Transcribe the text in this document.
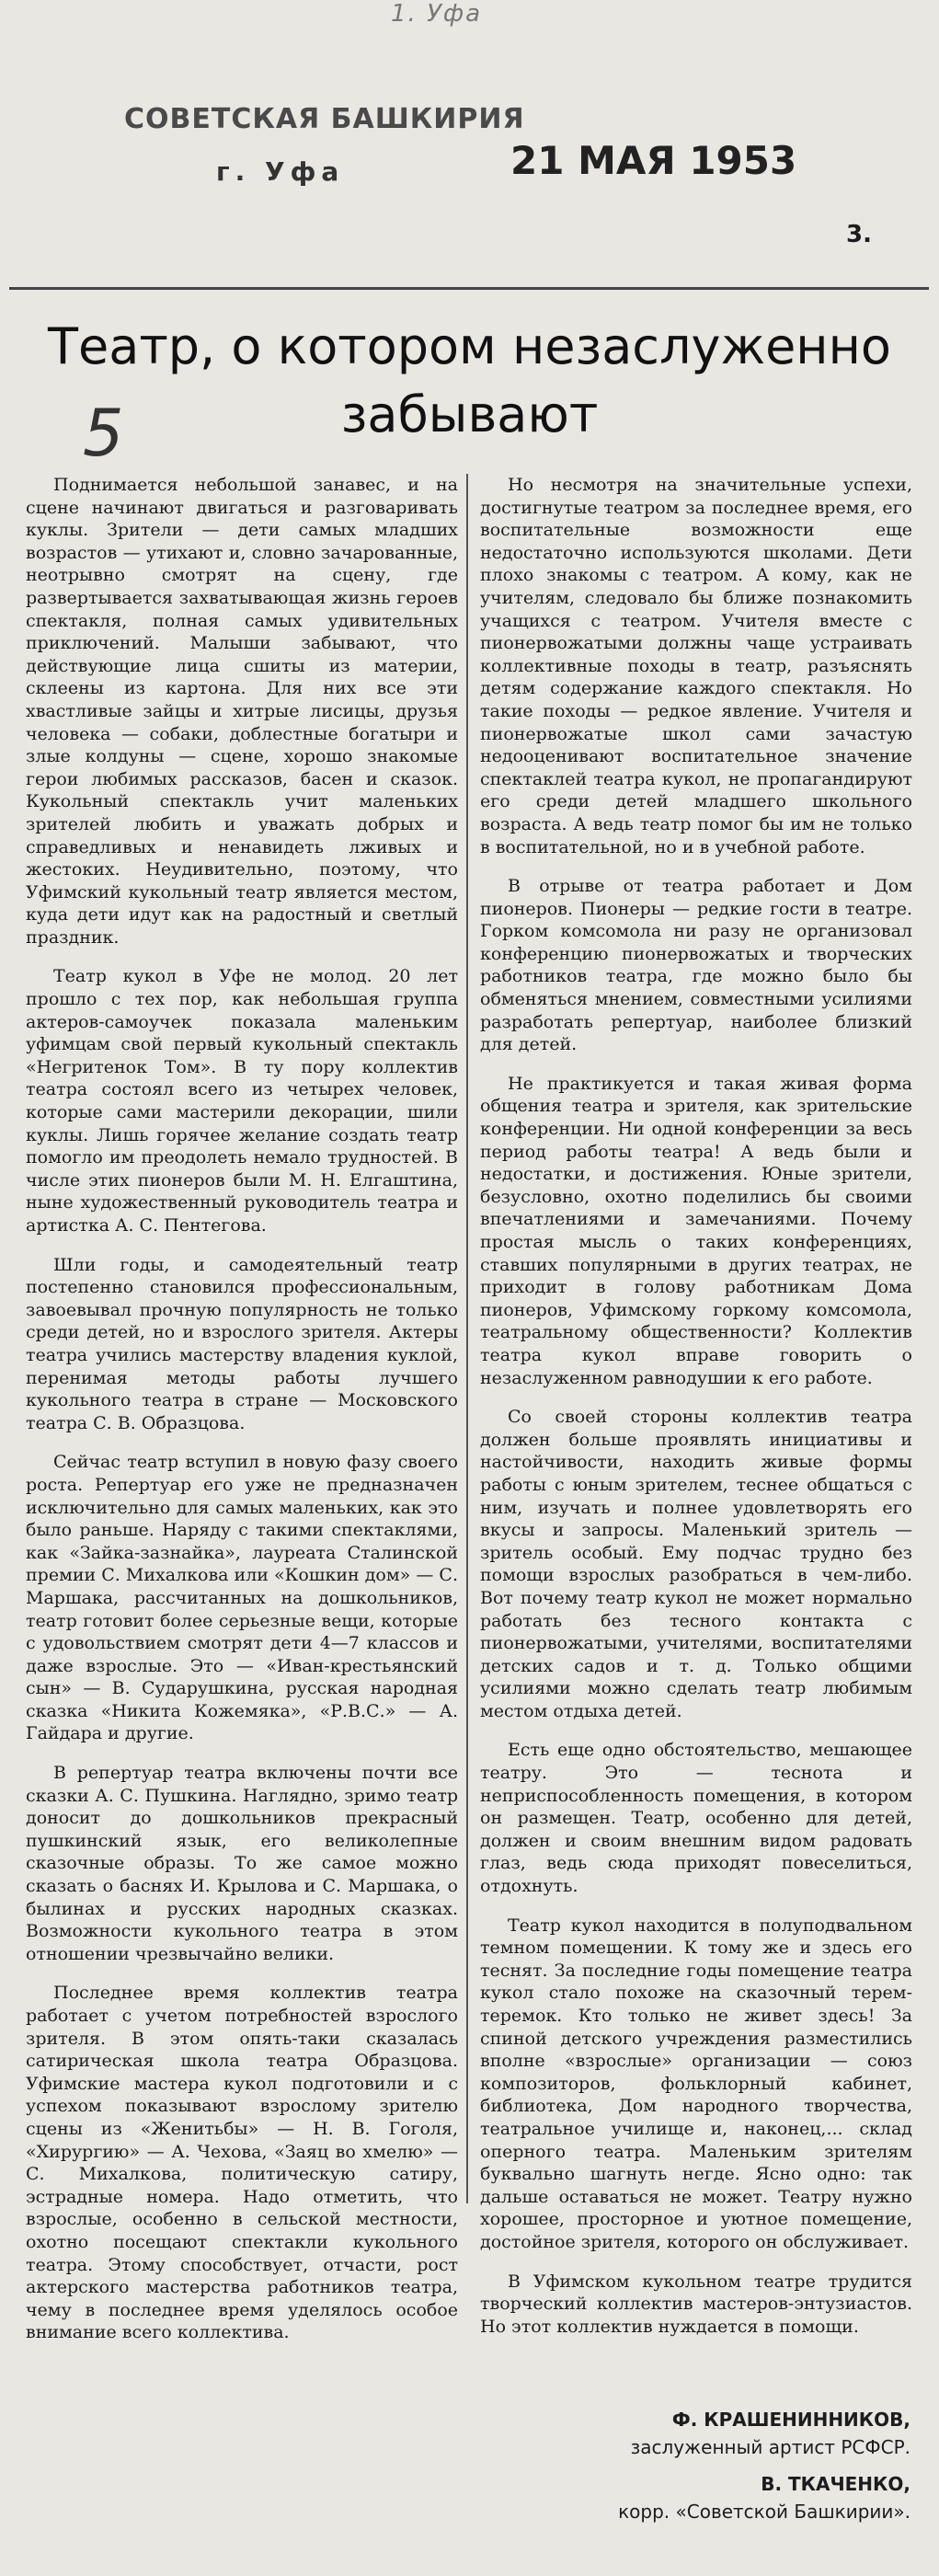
1. Уфа
СОВЕТСКАЯ БАШКИРИЯ
г. Уфа	21 МАЯ 1953
3.
Театр, о котором незаслуженно
забывают
5

Поднимается небольшой занавес, и на сцене начинают двигаться и разговаривать куклы. Зрители — дети самых младших возрастов — утихают и, словно зачарованные, неотрывно смотрят на сцену, где развертывается захватывающая жизнь героев спектакля, полная самых удивительных приключений. Малыши забывают, что действующие лица сшиты из материи, склеены из картона. Для них все эти хвастливые зайцы и хитрые лисицы, друзья человека — собаки, доблестные богатыри и злые колдуны — сцене, хорошо знакомые герои любимых рассказов, басен и сказок. Кукольный спектакль учит маленьких зрителей любить и уважать добрых и справедливых и ненавидеть лживых и жестоких. Неудивительно, поэтому, что Уфимский кукольный театр является местом, куда дети идут как на радостный и светлый праздник.

Театр кукол в Уфе не молод. 20 лет прошло с тех пор, как небольшая группа актеров-самоучек показала маленьким уфимцам свой первый кукольный спектакль «Негритенок Том». В ту пору коллектив театра состоял всего из четырех человек, которые сами мастерили декорации, шили куклы. Лишь горячее желание создать театр помогло им преодолеть немало трудностей. В числе этих пионеров были М. Н. Елгаштина, ныне художественный руководитель театра и артистка А. С. Пентегова.

Шли годы, и самодеятельный театр постепенно становился профессиональным, завоевывал прочную популярность не только среди детей, но и взрослого зрителя. Актеры театра учились мастерству владения куклой, перенимая методы работы лучшего кукольного театра в стране — Московского театра С. В. Образцова.

Сейчас театр вступил в новую фазу своего роста. Репертуар его уже не предназначен исключительно для самых маленьких, как это было раньше. Наряду с такими спектаклями, как «Зайка-зазнайка», лауреата Сталинской премии С. Михалкова или «Кошкин дом» — С. Маршака, рассчитанных на дошкольников, театр готовит более серьезные вещи, которые с удовольствием смотрят дети 4—7 классов и даже взрослые. Это — «Иван-крестьянский сын» — В. Сударушкина, русская народная сказка «Никита Кожемяка», «Р.В.С.» — А. Гайдара и другие.

В репертуар театра включены почти все сказки А. С. Пушкина. Наглядно, зримо театр доносит до дошкольников прекрасный пушкинский язык, его великолепные сказочные образы. То же самое можно сказать о баснях И. Крылова и С. Маршака, о былинах и русских народных сказках. Возможности кукольного театра в этом отношении чрезвычайно велики.

Последнее время коллектив театра работает с учетом потребностей взрослого зрителя. В этом опять-таки сказалась сатирическая школа театра Образцова. Уфимские мастера кукол подготовили и с успехом показывают взрослому зрителю сцены из «Женитьбы» — Н. В. Гоголя, «Хирургию» — А. Чехова, «Заяц во хмелю» — С. Михалкова, политическую сатиру, эстрадные номера. Надо отметить, что взрослые, особенно в сельской местности, охотно посещают спектакли кукольного театра. Этому способствует, отчасти, рост актерского мастерства работников театра, чему в последнее время уделялось особое внимание всего коллектива.

Но несмотря на значительные успехи, достигнутые театром за последнее время, его воспитательные возможности еще недостаточно используются школами. Дети плохо знакомы с театром. А кому, как не учителям, следовало бы ближе познакомить учащихся с театром. Учителя вместе с пионервожатыми должны чаще устраивать коллективные походы в театр, разъяснять детям содержание каждого спектакля. Но такие походы — редкое явление. Учителя и пионервожатые школ сами зачастую недооценивают воспитательное значение спектаклей театра кукол, не пропагандируют его среди детей младшего школьного возраста. А ведь театр помог бы им не только в воспитательной, но и в учебной работе.

В отрыве от театра работает и Дом пионеров. Пионеры — редкие гости в театре. Горком комсомола ни разу не организовал конференцию пионервожатых и творческих работников театра, где можно было бы обменяться мнением, совместными усилиями разработать репертуар, наиболее близкий для детей.

Не практикуется и такая живая форма общения театра и зрителя, как зрительские конференции. Ни одной конференции за весь период работы театра! А ведь были и недостатки, и достижения. Юные зрители, безусловно, охотно поделились бы своими впечатлениями и замечаниями. Почему простая мысль о таких конференциях, ставших популярными в других театрах, не приходит в голову работникам Дома пионеров, Уфимскому горкому комсомола, театральному общественности? Коллектив театра кукол вправе говорить о незаслуженном равнодушии к его работе.

Со своей стороны коллектив театра должен больше проявлять инициативы и настойчивости, находить живые формы работы с юным зрителем, теснее общаться с ним, изучать и полнее удовлетворять его вкусы и запросы. Маленький зритель — зритель особый. Ему подчас трудно без помощи взрослых разобраться в чем-либо. Вот почему театр кукол не может нормально работать без тесного контакта с пионервожатыми, учителями, воспитателями детских садов и т. д. Только общими усилиями можно сделать театр любимым местом отдыха детей.

Есть еще одно обстоятельство, мешающее театру. Это — теснота и неприспособленность помещения, в котором он размещен. Театр, особенно для детей, должен и своим внешним видом радовать глаз, ведь сюда приходят повеселиться, отдохнуть.

Театр кукол находится в полуподвальном темном помещении. К тому же и здесь его теснят. За последние годы помещение театра кукол стало похоже на сказочный терем-теремок. Кто только не живет здесь! За спиной детского учреждения разместились вполне «взрослые» организации — союз композиторов, фольклорный кабинет, библиотека, Дом народного творчества, театральное училище и, наконец,... склад оперного театра. Маленьким зрителям буквально шагнуть негде. Ясно одно: так дальше оставаться не может. Театру нужно хорошее, просторное и уютное помещение, достойное зрителя, которого он обслуживает.

В Уфимском кукольном театре трудится творческий коллектив мастеров-энтузиастов. Но этот коллектив нуждается в помощи.

Ф. КРАШЕНИННИКОВ,
заслуженный артист РСФСР.
В. ТКАЧЕНКО,
корр. «Советской Башкирии».
